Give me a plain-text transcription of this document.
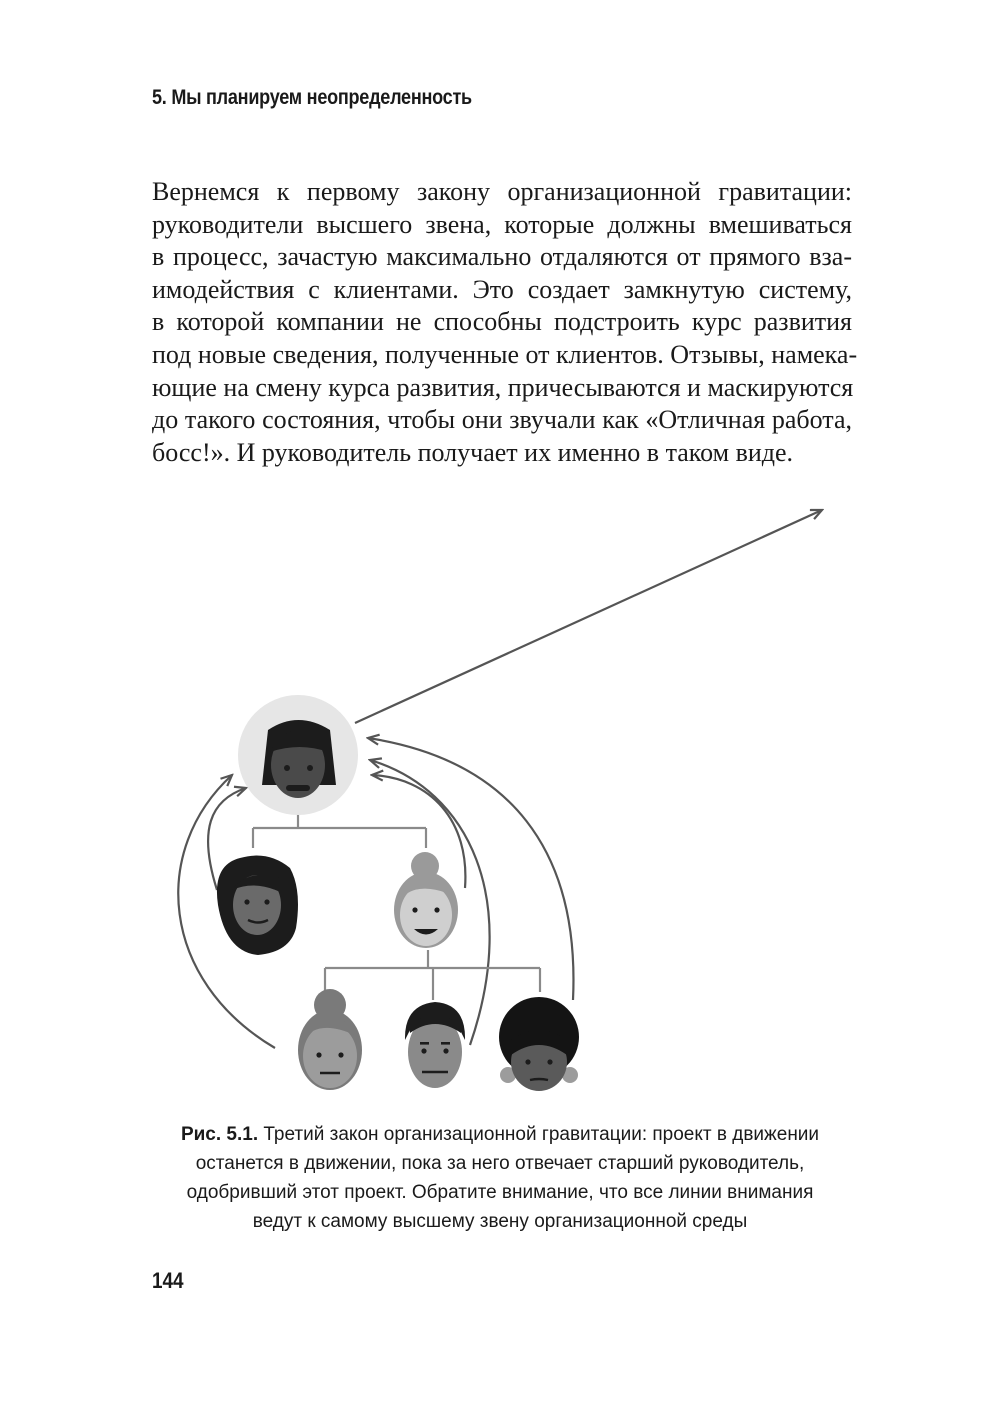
5. Мы планируем неопределенность

Вернемся к первому закону организационной гравитации:
руководители высшего звена, которые должны вмешиваться
в процесс, зачастую максимально отдаляются от прямого вза-
имодействия с клиентами. Это создает замкнутую систему,
в которой компании не способны подстроить курс развития
под новые сведения, полученные от клиентов. Отзывы, намека-
ющие на смену курса развития, причесываются и маскируются
до такого состояния, чтобы они звучали как «Отличная работа,
босс!». И руководитель получает их именно в таком виде.

Рис. 5.1. Третий закон организационной гравитации: проект в движении
останется в движении, пока за него отвечает старший руководитель,
одобривший этот проект. Обратите внимание, что все линии внимания
ведут к самому высшему звену организационной среды
144
